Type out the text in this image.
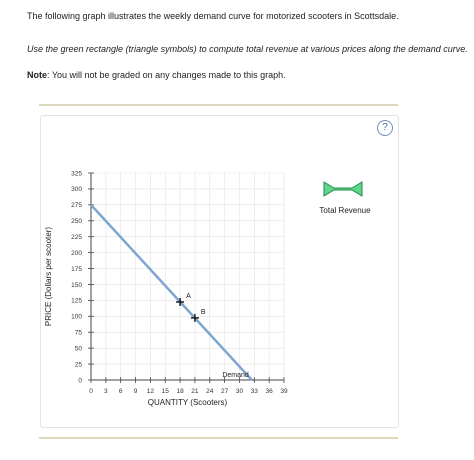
The following graph illustrates the weekly demand curve for motorized scooters in Scottsdale.
Use the green rectangle (triangle symbols) to compute total revenue at various prices along the demand curve.
Note: You will not be graded on any changes made to this graph.
?
0 3 6 9 12 15 18 21 24 27 30 33 36 39
0
25
50
75
100
125
150
175
200
225
250
275
300
325
Demand
A
B
QUANTITY (Scooters)
PRICE (Dollars per scooter)
Total Revenue
